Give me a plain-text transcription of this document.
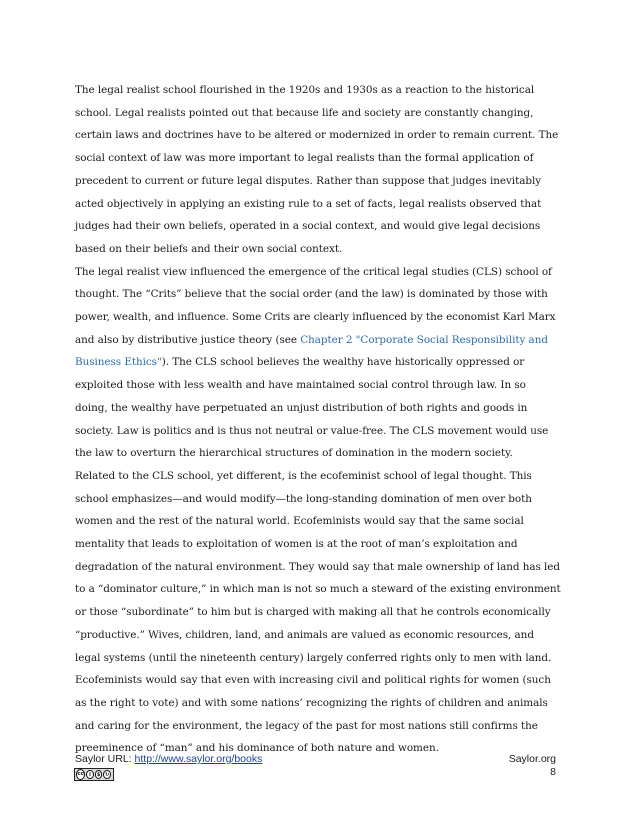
The legal realist school flourished in the 1920s and 1930s as a reaction to the historical school. Legal realists pointed out that because life and society are constantly changing, certain laws and doctrines have to be altered or modernized in order to remain current. The social context of law was more important to legal realists than the formal application of precedent to current or future legal disputes. Rather than suppose that judges inevitably acted objectively in applying an existing rule to a set of facts, legal realists observed that judges had their own beliefs, operated in a social context, and would give legal decisions based on their beliefs and their own social context.

The legal realist view influenced the emergence of the critical legal studies (CLS) school of thought. The “Crits” believe that the social order (and the law) is dominated by those with power, wealth, and influence. Some Crits are clearly influenced by the economist Karl Marx and also by distributive justice theory (see Chapter 2 "Corporate Social Responsibility and Business Ethics"). The CLS school believes the wealthy have historically oppressed or exploited those with less wealth and have maintained social control through law. In so doing, the wealthy have perpetuated an unjust distribution of both rights and goods in society. Law is politics and is thus not neutral or value-free. The CLS movement would use the law to overturn the hierarchical structures of domination in the modern society.

Related to the CLS school, yet different, is the ecofeminist school of legal thought. This school emphasizes—and would modify—the long-standing domination of men over both women and the rest of the natural world. Ecofeminists would say that the same social mentality that leads to exploitation of women is at the root of man’s exploitation and degradation of the natural environment. They would say that male ownership of land has led to a “dominator culture,” in which man is not so much a steward of the existing environment or those “subordinate” to him but is charged with making all that he controls economically “productive.” Wives, children, land, and animals are valued as economic resources, and legal systems (until the nineteenth century) largely conferred rights only to men with land. Ecofeminists would say that even with increasing civil and political rights for women (such as the right to vote) and with some nations’ recognizing the rights of children and animals and caring for the environment, the legacy of the past for most nations still confirms the preeminence of “man” and his dominance of both nature and women.

Saylor URL: http://www.saylor.org/books	Saylor.org
8
cc	i	$ ↻
